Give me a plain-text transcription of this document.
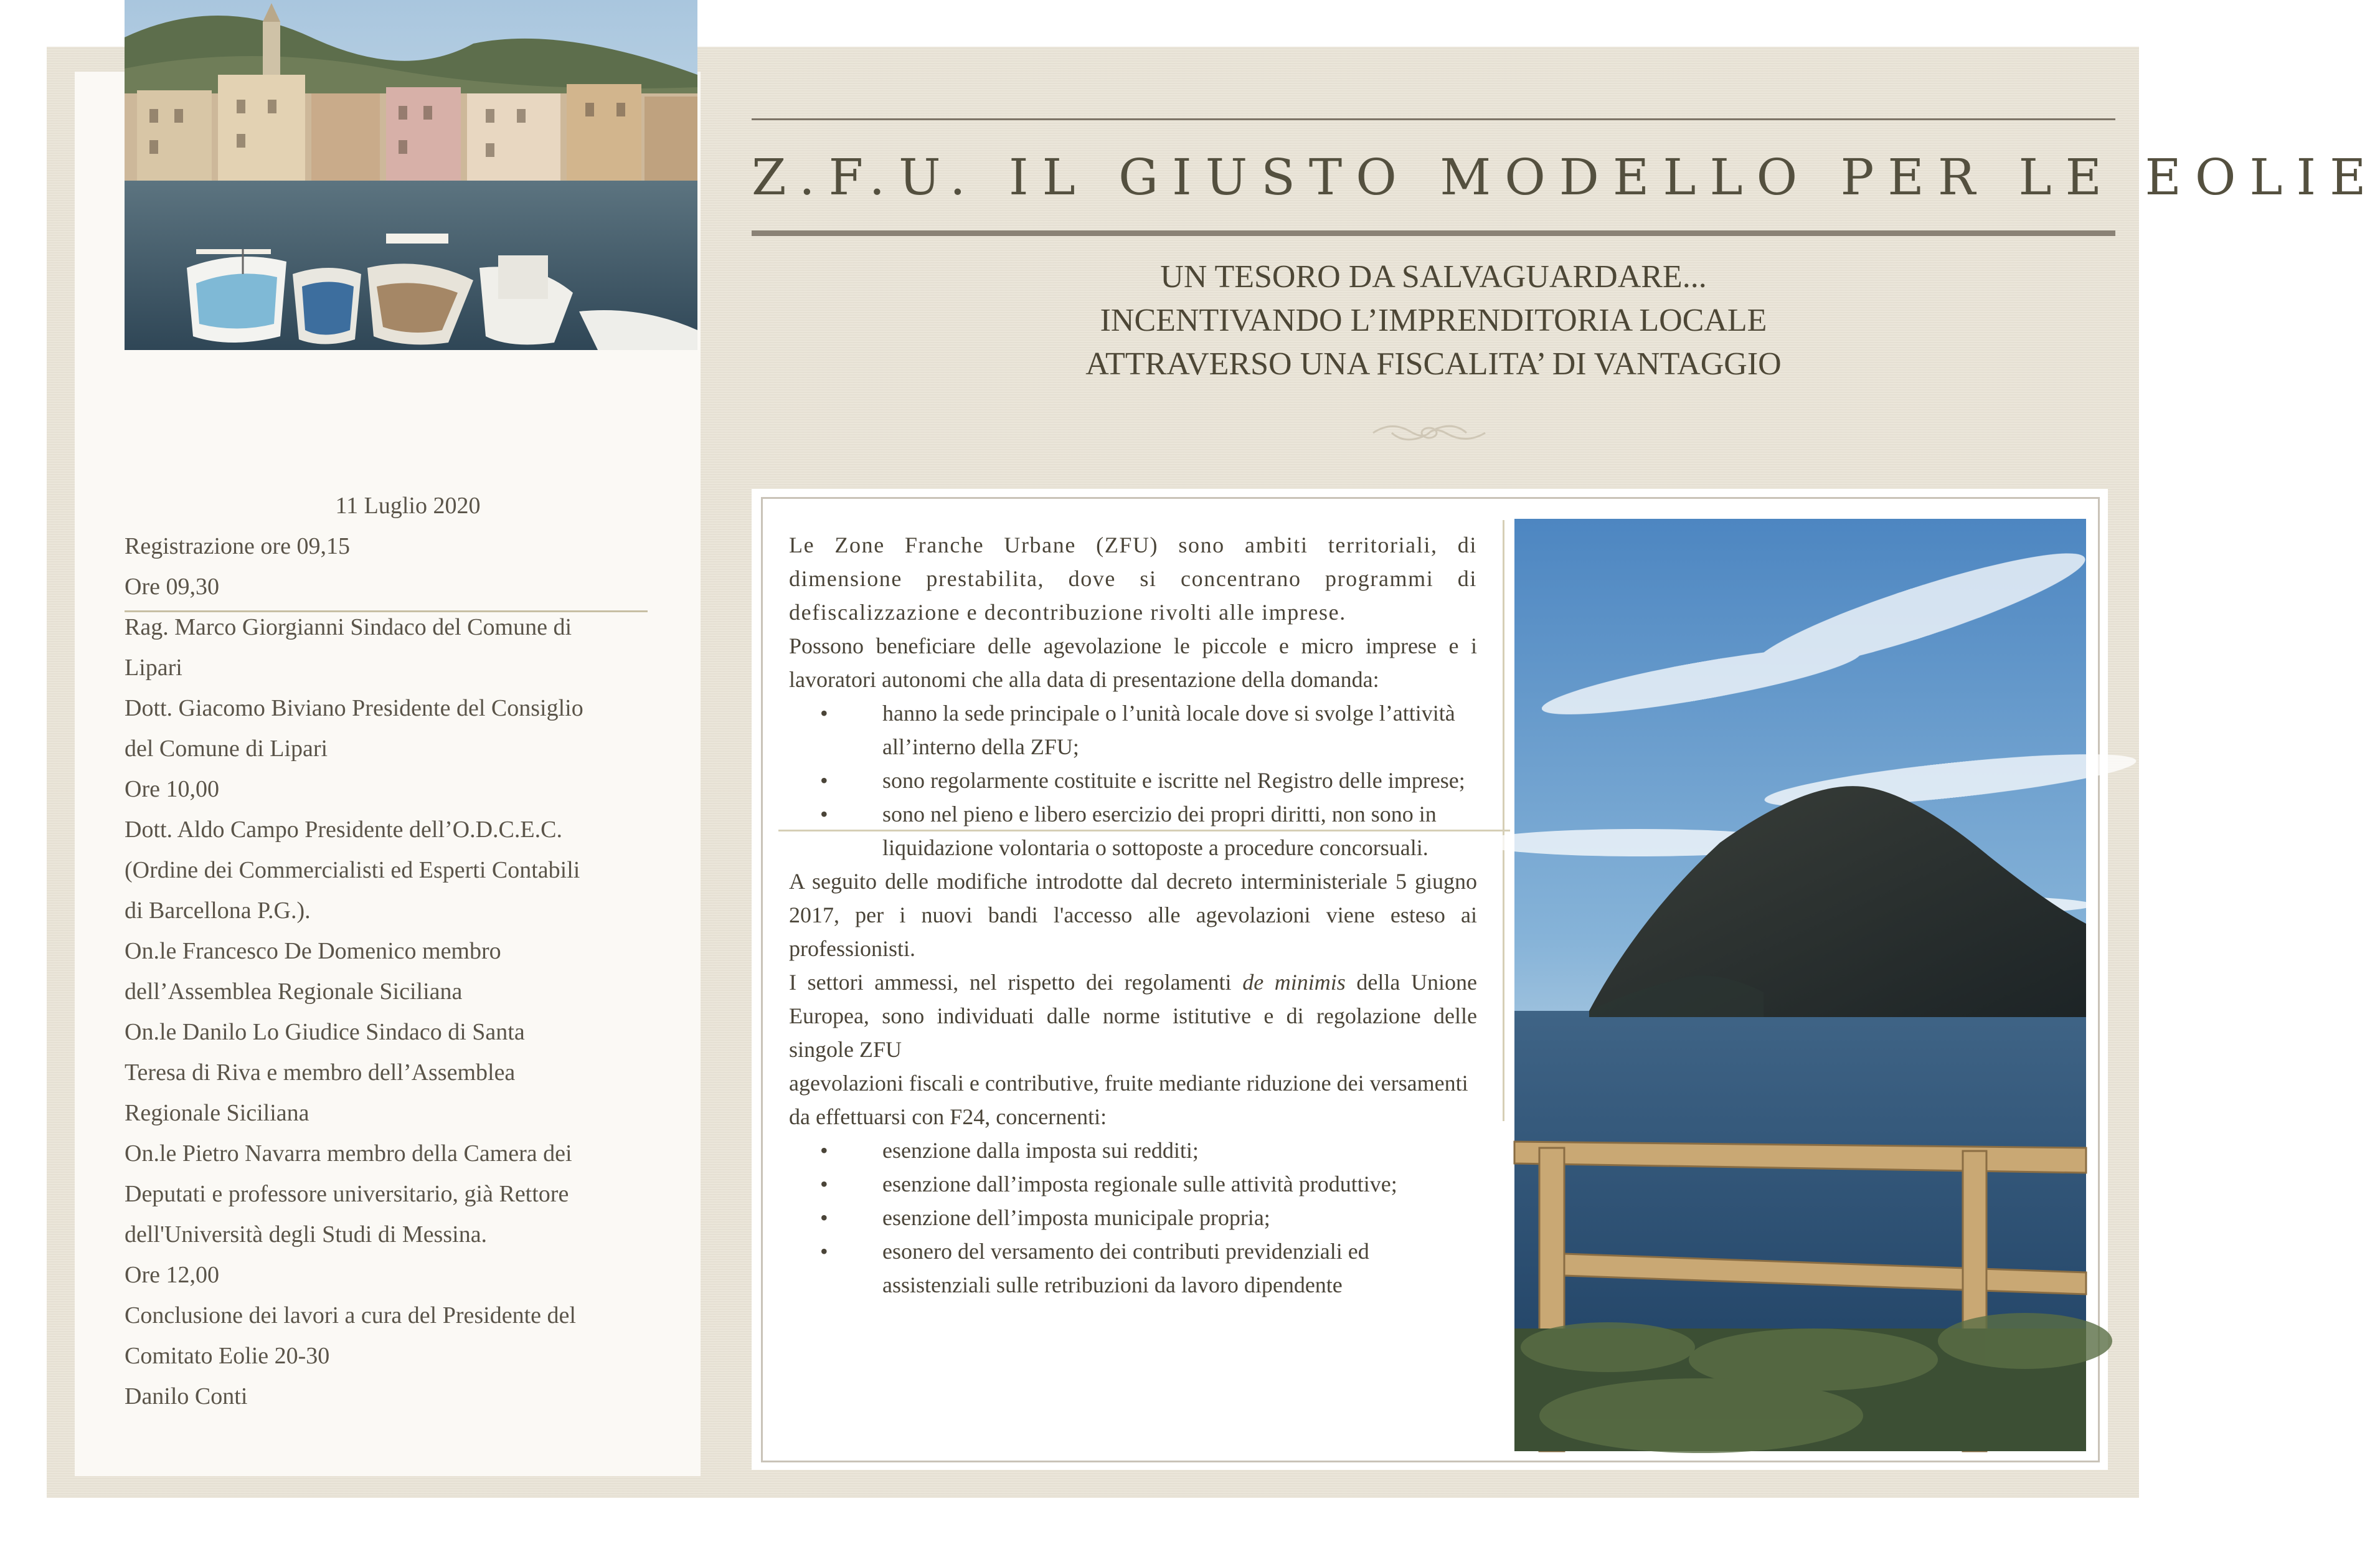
Z.F.U. IL GIUSTO MODELLO PER LE EOLIE
UN TESORO DA SALVAGUARDARE...
INCENTIVANDO L’IMPRENDITORIA LOCALE
ATTRAVERSO UNA FISCALITA’ DI VANTAGGIO
11 Luglio 2020
Registrazione ore 09,15
Ore 09,30
Rag. Marco Giorgianni Sindaco del Comune di
Lipari
Dott. Giacomo Biviano Presidente del Consiglio
del Comune di Lipari
Ore 10,00
Dott. Aldo Campo Presidente dell’O.D.C.E.C.
(Ordine dei Commercialisti ed Esperti Contabili
di Barcellona P.G.).
On.le Francesco De Domenico membro
dell’Assemblea Regionale Siciliana
On.le Danilo Lo Giudice Sindaco di Santa
Teresa di Riva e membro dell’Assemblea
Regionale Siciliana
On.le Pietro Navarra membro della Camera dei
Deputati e professore universitario, già Rettore
dell'Università degli Studi di Messina.
Ore 12,00
Conclusione dei lavori a cura del Presidente del
Comitato Eolie 20-30
Danilo Conti

Le Zone Franche Urbane (ZFU) sono ambiti territoriali, di dimensione prestabilita, dove si concentrano programmi di defiscalizzazione e decontribuzione rivolti alle imprese.

Possono beneficiare delle agevolazione le piccole e micro imprese e i lavoratori autonomi che alla data di presentazione della domanda:

• hanno la sede principale o l’unità locale dove si svolge l’attività all’interno della ZFU;
• sono regolarmente costituite e iscritte nel Registro delle imprese;
• sono nel pieno e libero esercizio dei propri diritti, non sono in liquidazione volontaria o sottoposte a procedure concorsuali.

A seguito delle modifiche introdotte dal decreto interministeriale 5 giugno 2017, per i nuovi bandi l'accesso alle agevolazioni viene esteso ai professionisti.

I settori ammessi, nel rispetto dei regolamenti de minimis della Unione Europea, sono individuati dalle norme istitutive e di regolazione delle singole ZFU

agevolazioni fiscali e contributive, fruite mediante riduzione dei versamenti da effettuarsi con F24, concernenti:

• esenzione dalla imposta sui redditi;
• esenzione dall’imposta regionale sulle attività produttive;
• esenzione dell’imposta municipale propria;
• esonero del versamento dei contributi previdenziali ed assistenziali sulle retribuzioni da lavoro dipendente
